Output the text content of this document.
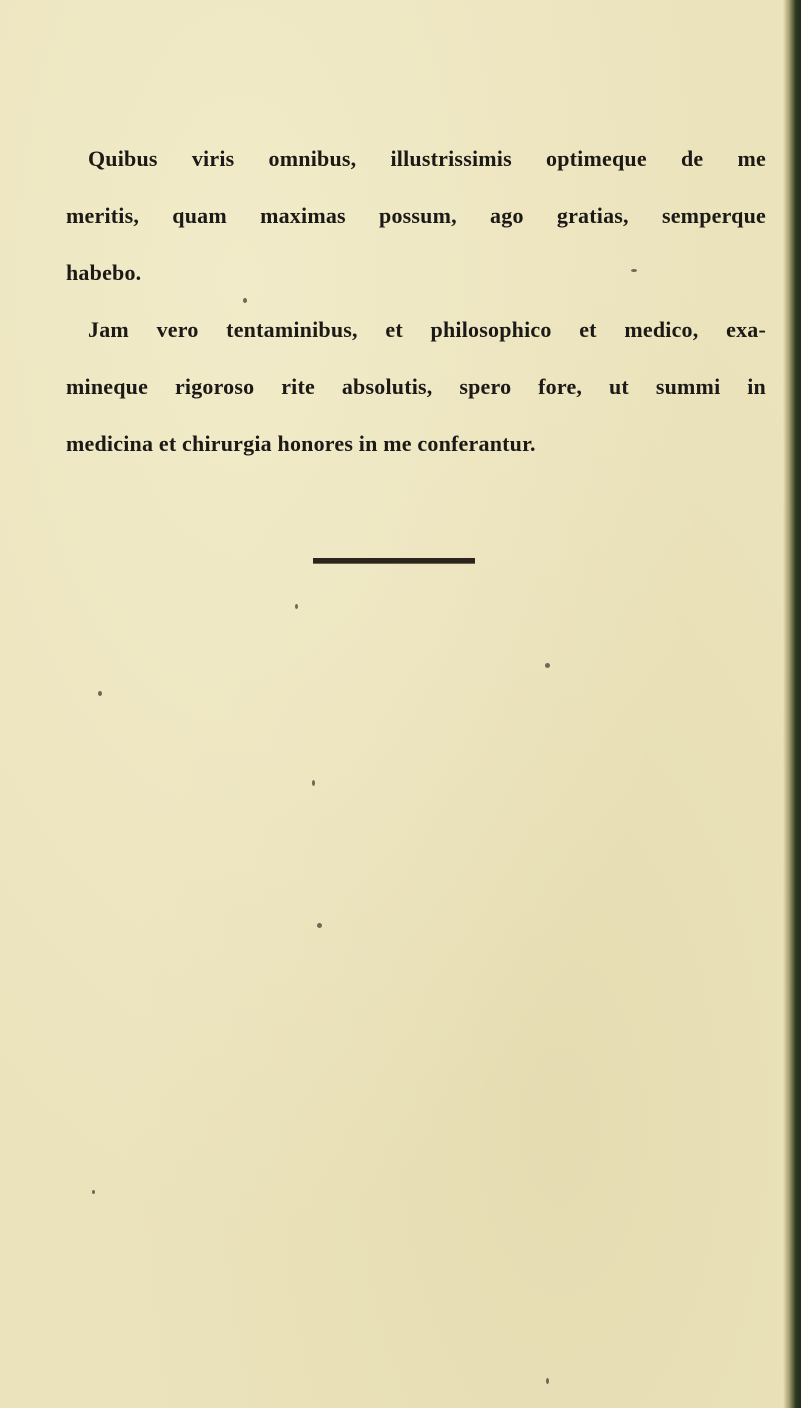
Quibus viris omnibus, illustrissimis optimeque de me
meritis, quam maximas possum, ago gratias, semperque
habebo.
Jam vero tentaminibus, et philosophico et medico, exa-
mineque rigoroso rite absolutis, spero fore, ut summi in
medicina et chirurgia honores in me conferantur.
